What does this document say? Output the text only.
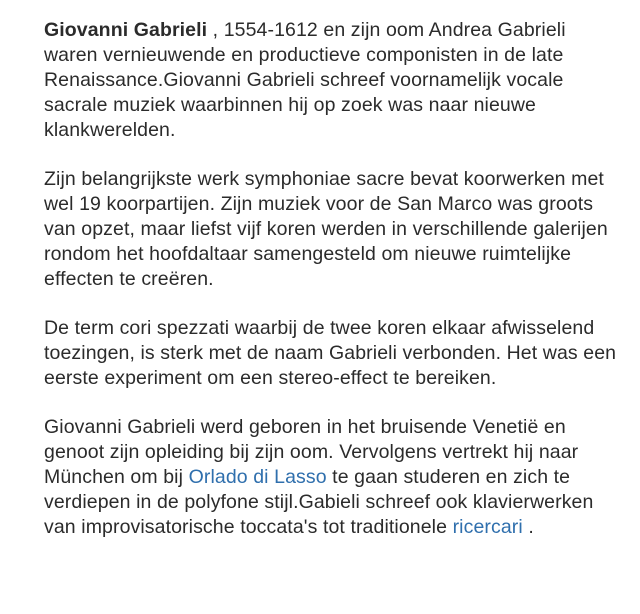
Giovanni Gabrieli , 1554-1612 en zijn oom Andrea Gabrieli waren vernieuwende en productieve componisten in de late Renaissance.Giovanni Gabrieli schreef voornamelijk vocale sacrale muziek waarbinnen hij op zoek was naar nieuwe klankwerelden.

Zijn belangrijkste werk symphoniae sacre bevat koorwerken met wel 19 koorpartijen. Zijn muziek voor de San Marco was groots van opzet, maar liefst vijf koren werden in verschillende galerijen rondom het hoofdaltaar samengesteld om nieuwe ruimtelijke effecten te creëren.

De term cori spezzati waarbij de twee koren elkaar afwisselend toezingen, is sterk met de naam Gabrieli verbonden. Het was een eerste experiment om een stereo-effect te bereiken.

Giovanni Gabrieli werd geboren in het bruisende Venetië en genoot zijn opleiding bij zijn oom. Vervolgens vertrekt hij naar München om bij Orlado di Lasso te gaan studeren en zich te verdiepen in de polyfone stijl.Gabieli schreef ook klavierwerken van improvisatorische toccata's tot traditionele ricercari .
